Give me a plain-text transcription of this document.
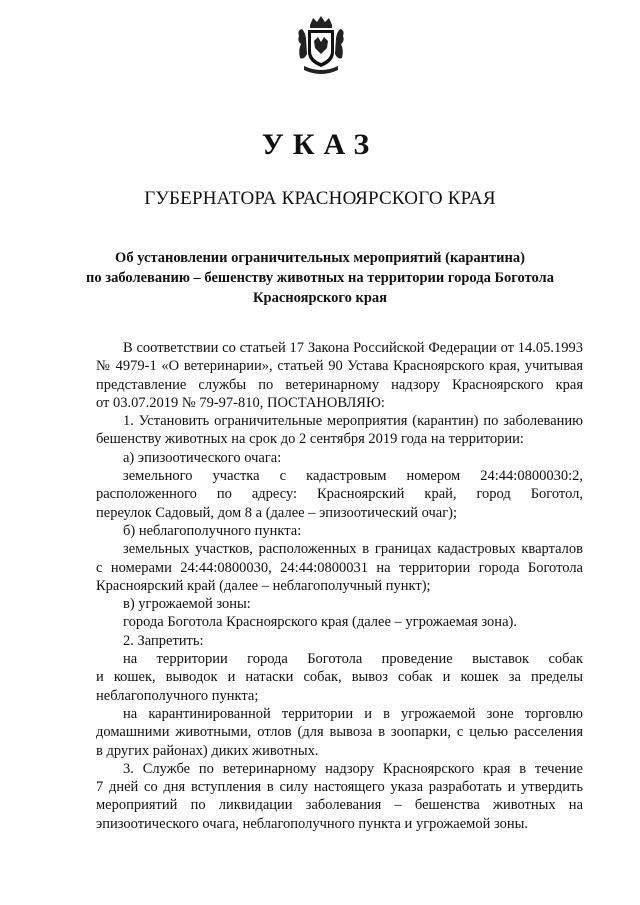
УКАЗ
ГУБЕРНАТОРА КРАСНОЯРСКОГО КРАЯ
Об установлении ограничительных мероприятий (карантина)
по заболеванию – бешенству животных на территории города Боготола
Красноярского края
В соответствии со статьей 17 Закона Российской Федерации от 14.05.1993
№ 4979-1 «О ветеринарии», статьей 90 Устава Красноярского края, учитывая
представление службы по ветеринарному надзору Красноярского края
от 03.07.2019 № 79-97-810, ПОСТАНОВЛЯЮ:
1. Установить ограничительные мероприятия (карантин) по заболеванию
бешенству животных на срок до 2 сентября 2019 года на территории:
а) эпизоотического очага:
земельного участка с кадастровым номером 24:44:0800030:2,
расположенного по адресу: Красноярский край, город Боготол,
переулок Садовый, дом 8 а (далее – эпизоотический очаг);
б) неблагополучного пункта:
земельных участков, расположенных в границах кадастровых кварталов
с номерами 24:44:0800030, 24:44:0800031 на территории города Боготола
Красноярский край (далее – неблагополучный пункт);
в) угрожаемой зоны:
города Боготола Красноярского края (далее – угрожаемая зона).
2. Запретить:
на территории города Боготола проведение выставок собак
и кошек, выводок и натаски собак, вывоз собак и кошек за пределы
неблагополучного пункта;
на карантинированной территории и в угрожаемой зоне торговлю
домашними животными, отлов (для вывоза в зоопарки, с целью расселения
в других районах) диких животных.
3. Службе по ветеринарному надзору Красноярского края в течение
7 дней со дня вступления в силу настоящего указа разработать и утвердить
мероприятий по ликвидации заболевания – бешенства животных на
эпизоотического очага, неблагополучного пункта и угрожаемой зоны.
